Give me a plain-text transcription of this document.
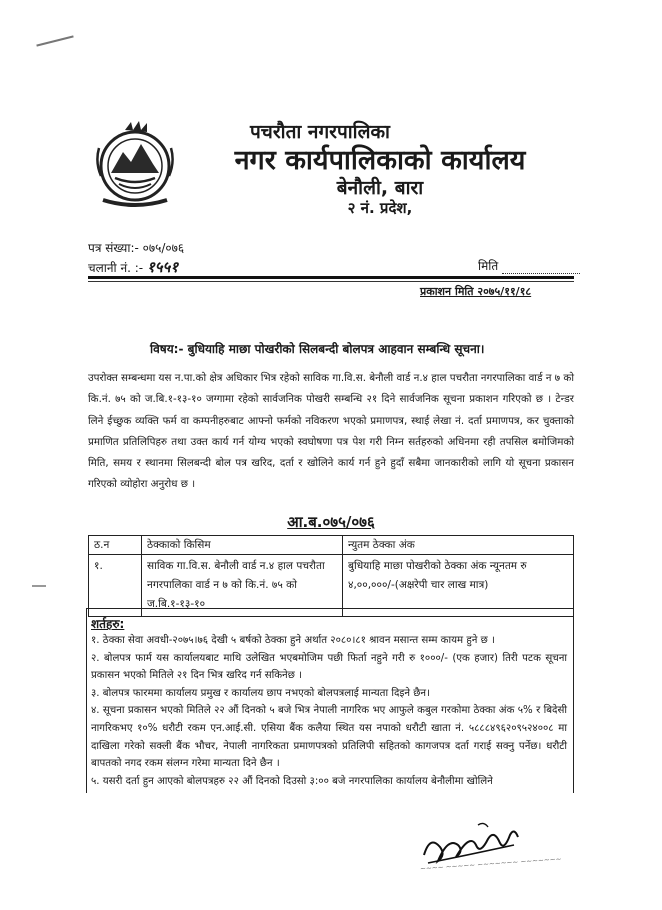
पचरौता नगरपालिका
नगर कार्यपालिकाको कार्यालय
बेनौली, बारा
२ नं. प्रदेश,
पत्र संख्या:- ०७५/०७६
चलानी नं. :- १५५१	मिति
प्रकाशन मिति २०७५/११/१८
विषय:- बुधियाहि माछा पोखरीको सिलबन्दी बोलपत्र आहवान सम्बन्धि सूचना।
उपरोक्त सम्बन्धमा यस न.पा.को क्षेत्र अधिकार भित्र रहेको साविक गा.वि.स. बेनौली वार्ड न.४ हाल पचरौता नगरपालिका वार्ड न ७ को कि.नं. ७५ को ज.बि.१-१३-१० जग्गामा रहेको सार्वजनिक पोखरी सम्बन्धि २१ दिने सार्वजनिक सूचना प्रकाशन गरिएको छ । टेन्डर लिने ईच्छुक व्यक्ति फर्म वा कम्पनीहरुबाट आफ्नो फर्मको नविकरण भएको प्रमाणपत्र, स्थाई लेखा नं. दर्ता प्रमाणपत्र, कर चुक्ताको प्रमाणित प्रतिलिपिहरु तथा उक्त कार्य गर्न योग्य भएको स्वघोषणा पत्र पेश गरी निम्न सर्तहरुको अधिनमा रही तपसिल बमोजिमको मिति, समय र स्थानमा सिलबन्दी बोल पत्र खरिद, दर्ता र खोलिने कार्य गर्न हुने हुदाँ सबैमा जानकारीको लागि यो सूचना प्रकासन गरिएको व्योहोरा अनुरोध छ ।
आ.ब.०७५/०७६
ठ.न	ठेक्काको किसिम	न्युतम ठेक्का अंक
१.	साविक गा.वि.स. बेनौली वार्ड न.४ हाल पचरौता नगरपालिका वार्ड न ७ को कि.नं. ७५ को ज.बि.१-१३-१०	बुधियाहि माछा पोखरीको ठेक्का अंक न्यूनतम रु ४,००,०००/-(अक्षरेपी चार लाख मात्र)
शर्तहरु:
१. ठेक्का सेवा अवधी-२०७५।७६ देखी ५ बर्षको ठेक्का हुने अर्थात २०८०।८१ श्रावन मसान्त सम्म कायम हुने छ ।
२. बोलपत्र फार्म यस कार्यालयबाट माथि उलेखित भएबमोजिम पछी फिर्ता नहुने गरी रु १०००/- (एक हजार) तिरी पटक सूचना प्रकासन भएको मितिले २१ दिन भित्र खरिद गर्न सकिनेछ ।
३. बोलपत्र फारममा कार्यालय प्रमुख र कार्यालय छाप नभएको बोलपत्रलाई मान्यता दिइने छैन।
४. सूचना प्रकासन भएको मितिले २२ औं दिनको ५ बजे भित्र नेपाली नागरिक भए आफुले कबुल गरकोमा ठेक्का अंक ५% र बिदेसी नागरिकभए १०% धरौटी रकम एन.आई.सी. एसिया बैंक कलैया स्थित यस नपाको धरौटी खाता नं. ५८८८४९६२०९५२४००८ मा दाखिला गरेको सक्ली बैंक भौचर, नेपाली नागरिकता प्रमाणपत्रको प्रतिलिपी सहितको कागजपत्र दर्ता गराई सक्नु पर्नेछ। धरौटी बापतको नगद रकम संलग्न गरेमा मान्यता दिने छैन ।
५. यसरी दर्ता हुन आएको बोलपत्रहरु २२ औं दिनको दिउसो ३:०० बजे नगरपालिका कार्यालय बेनौलीमा खोलिने
~~~~ ~~~~~ ~~~~~~~ ~~~~~~~
